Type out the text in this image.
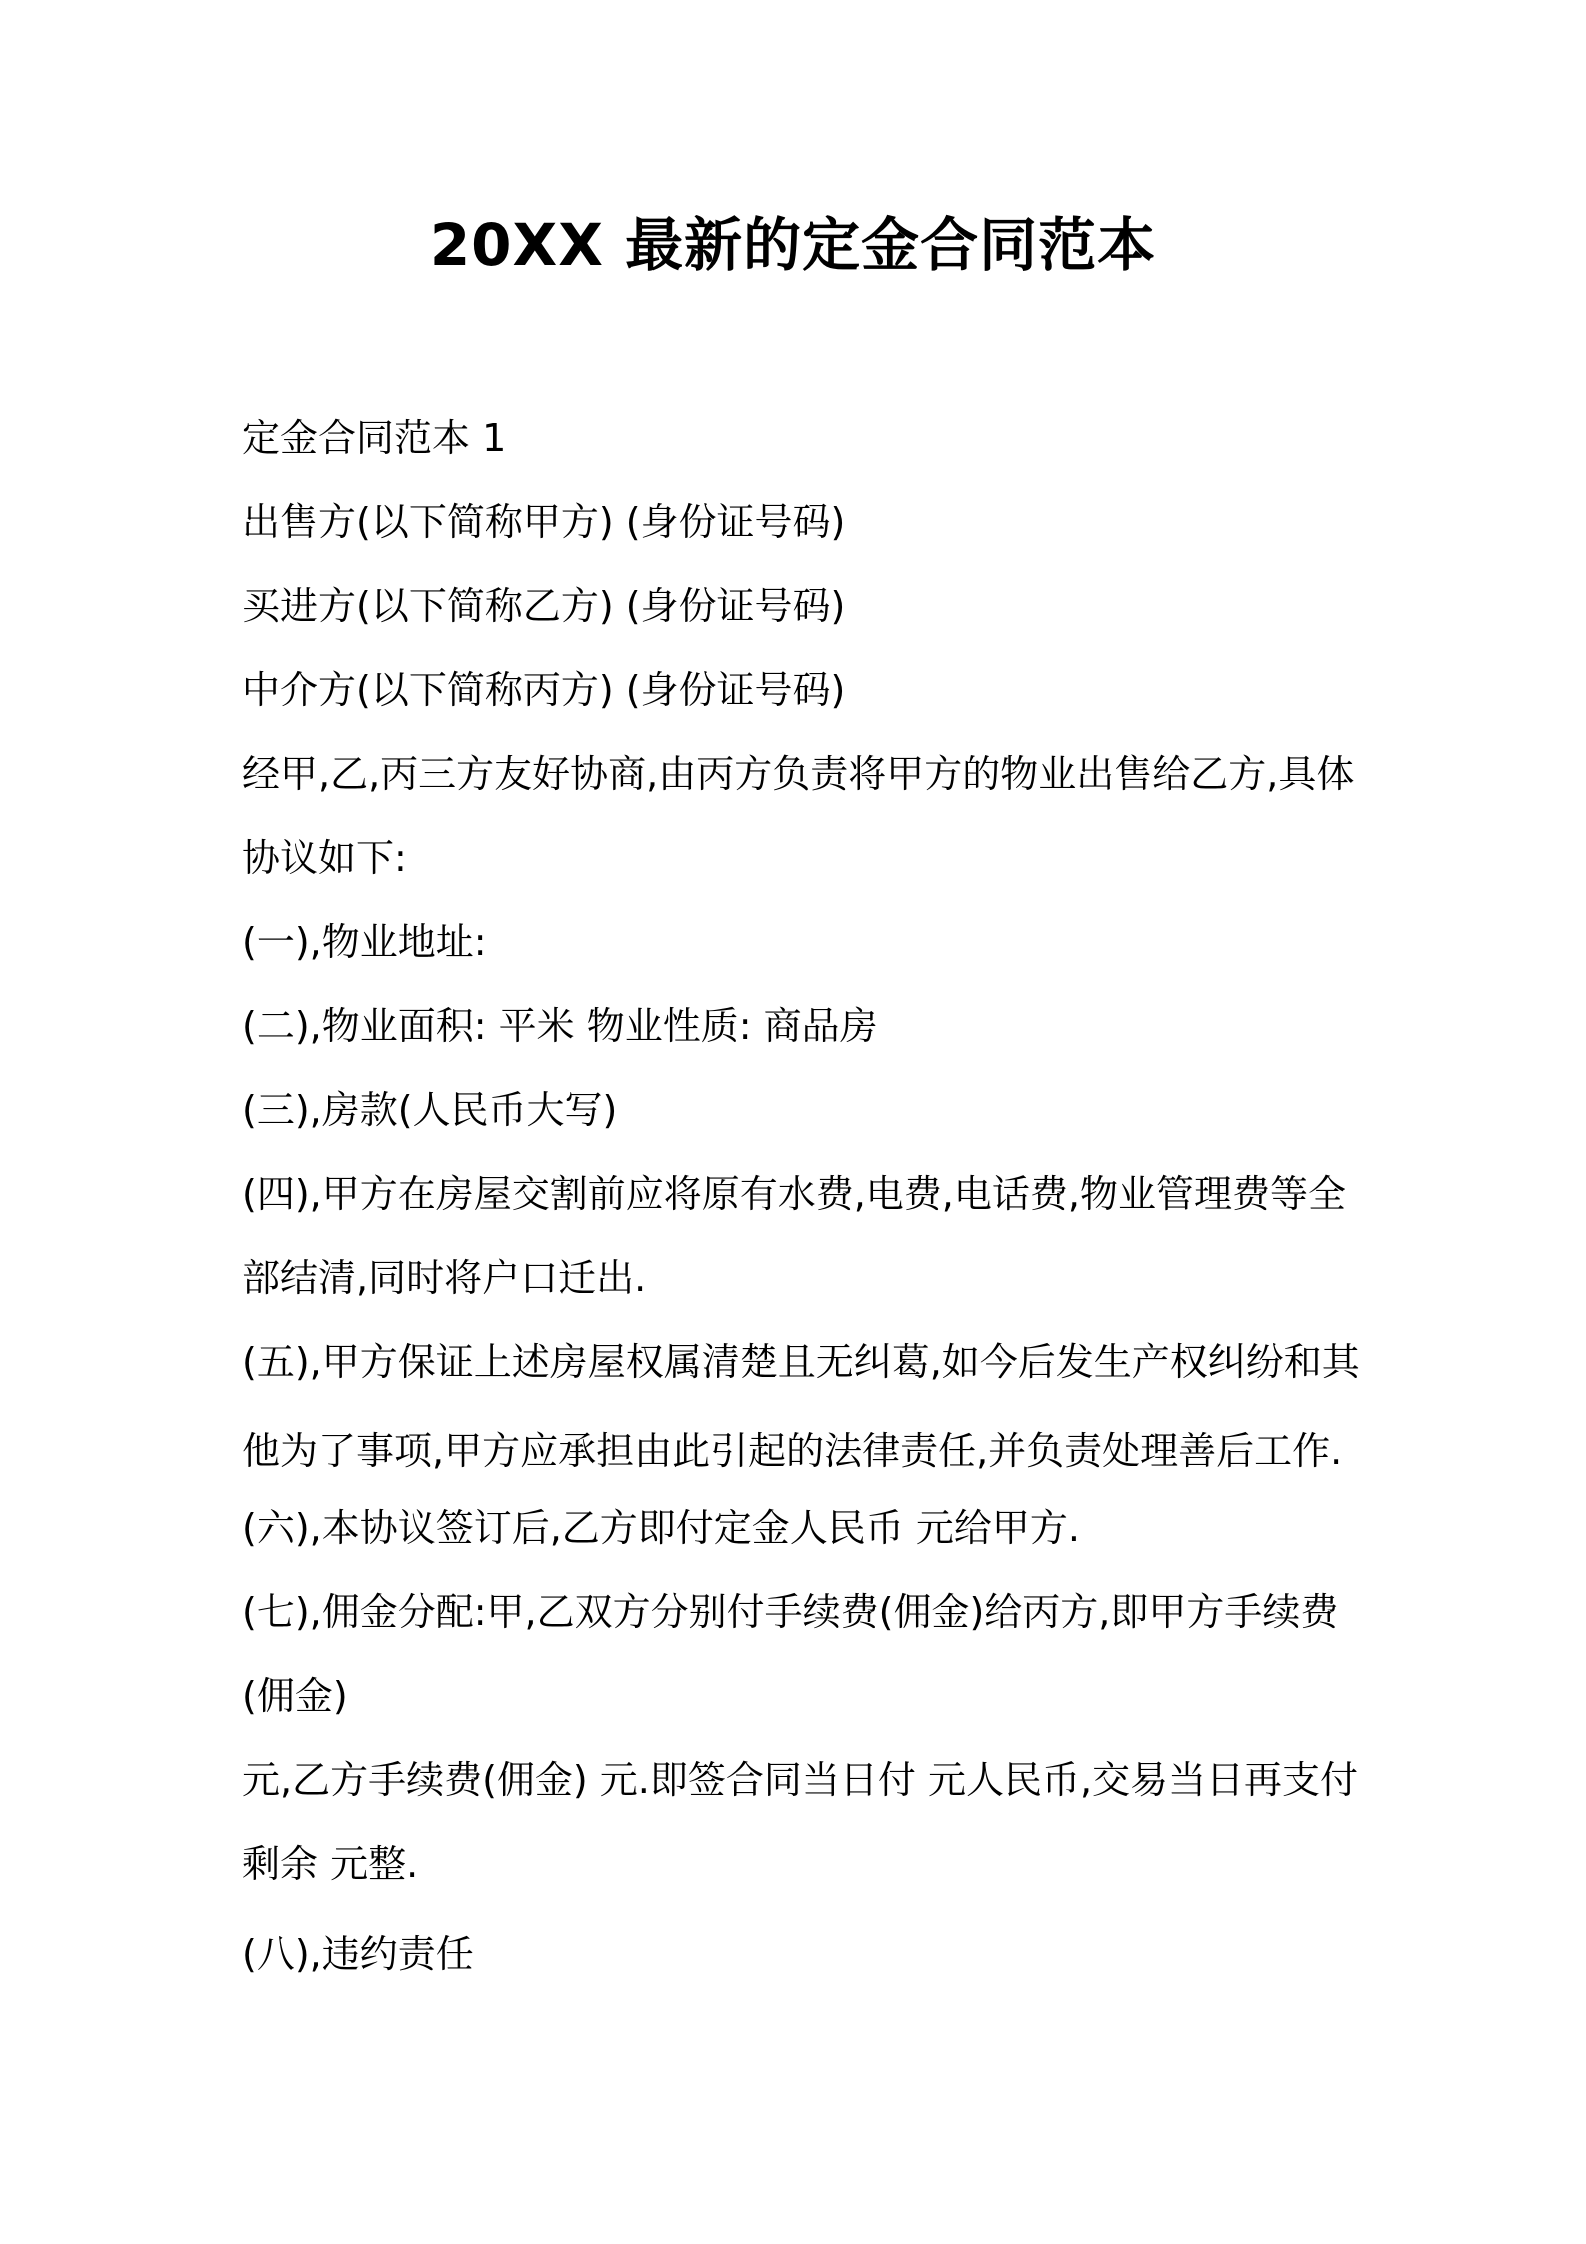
20XX 最新的定金合同范本
定金合同范本 1
出售方(以下简称甲方) (身份证号码)
买进方(以下简称乙方) (身份证号码)
中介方(以下简称丙方) (身份证号码)
经甲,乙,丙三方友好协商,由丙方负责将甲方的物业出售给乙方,具体
协议如下:
(一),物业地址:
(二),物业面积: 平米 物业性质: 商品房
(三),房款(人民币大写)
(四),甲方在房屋交割前应将原有水费,电费,电话费,物业管理费等全
部结清,同时将户口迁出.
(五),甲方保证上述房屋权属清楚且无纠葛,如今后发生产权纠纷和其
他为了事项,甲方应承担由此引起的法律责任,并负责处理善后工作.
(六),本协议签订后,乙方即付定金人民币 元给甲方.
(七),佣金分配:甲,乙双方分别付手续费(佣金)给丙方,即甲方手续费
(佣金)
元,乙方手续费(佣金) 元.即签合同当日付 元人民币,交易当日再支付
剩余 元整.
(八),违约责任
